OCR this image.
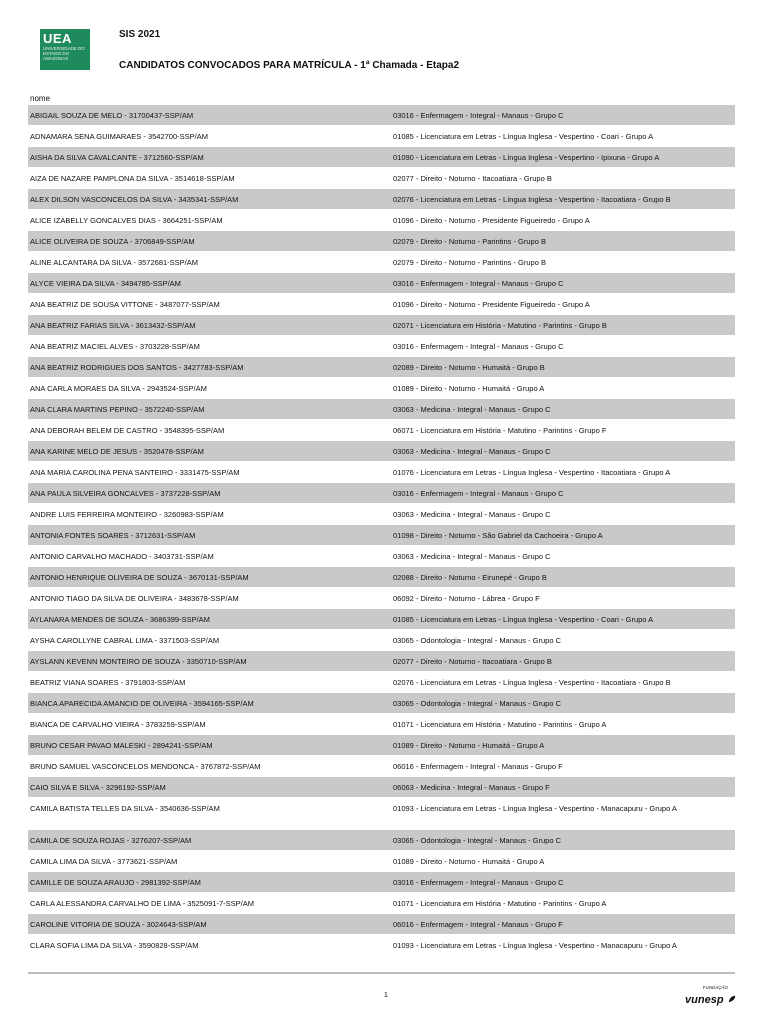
UEA
UNIVERSIDADE DO ESTADO DO AMAZONAS
SIS 2021
CANDIDATOS CONVOCADOS PARA MATRÍCULA - 1ª Chamada - Etapa2
nome
ABIGAIL SOUZA DE MELO - 31700437-SSP/AM	03016 - Enfermagem - Integral - Manaus - Grupo C
ADNAMARA SENA GUIMARAES - 3542700-SSP/AM	01085 - Licenciatura em Letras - Língua Inglesa - Vespertino - Coari - Grupo A
AISHA DA SILVA CAVALCANTE - 3712560-SSP/AM	01090 - Licenciatura em Letras - Língua Inglesa - Vespertino - Ipixuna - Grupo A
AIZA DE NAZARE PAMPLONA DA SILVA - 3514618-SSP/AM	02077 - Direito - Noturno - Itacoatiara - Grupo B
ALEX DILSON VASCONCELOS DA SILVA - 3435341-SSP/AM	02076 - Licenciatura em Letras - Língua Inglesa - Vespertino - Itacoatiara - Grupo B
ALICE IZABELLY GONCALVES DIAS - 3664251-SSP/AM	01096 - Direito - Noturno - Presidente Figueiredo - Grupo A
ALICE OLIVEIRA DE SOUZA - 3706849-SSP/AM	02079 - Direito - Noturno - Parintins - Grupo B
ALINE ALCANTARA DA SILVA - 3572681-SSP/AM	02079 - Direito - Noturno - Parintins - Grupo B
ALYCE VIEIRA DA SILVA - 3494785-SSP/AM	03016 - Enfermagem - Integral - Manaus - Grupo C
ANA BEATRIZ DE SOUSA VITTONE - 3487077-SSP/AM	01096 - Direito - Noturno - Presidente Figueiredo - Grupo A
ANA BEATRIZ FARIAS SILVA - 3613432-SSP/AM	02071 - Licenciatura em História - Matutino - Parintins - Grupo B
ANA BEATRIZ MACIEL ALVES - 3703228-SSP/AM	03016 - Enfermagem - Integral - Manaus - Grupo C
ANA BEATRIZ RODRIGUES DOS SANTOS - 3427783-SSP/AM	02089 - Direito - Noturno - Humaitá - Grupo B
ANA CARLA MORAES DA SILVA - 2943524-SSP/AM	01089 - Direito - Noturno - Humaitá - Grupo A
ANA CLARA MARTINS PEPINO - 3572240-SSP/AM	03063 - Medicina - Integral - Manaus - Grupo C
ANA DEBORAH BELEM DE CASTRO - 3548395-SSP/AM	06071 - Licenciatura em História - Matutino - Parintins - Grupo F
ANA KARINE MELO DE JESUS - 3520478-SSP/AM	03063 - Medicina - Integral - Manaus - Grupo C
ANA MARIA CAROLINA PENA SANTEIRO - 3331475-SSP/AM	01076 - Licenciatura em Letras - Língua Inglesa - Vespertino - Itacoatiara - Grupo A
ANA PAULA SILVEIRA GONCALVES - 3737228-SSP/AM	03016 - Enfermagem - Integral - Manaus - Grupo C
ANDRE LUIS FERREIRA MONTEIRO - 3260983-SSP/AM	03063 - Medicina - Integral - Manaus - Grupo C
ANTONIA FONTES SOARES - 3712631-SSP/AM	01098 - Direito - Noturno - São Gabriel da Cachoeira - Grupo A
ANTONIO CARVALHO MACHADO - 3403731-SSP/AM	03063 - Medicina - Integral - Manaus - Grupo C
ANTONIO HENRIQUE OLIVEIRA DE SOUZA - 3670131-SSP/AM	02088 - Direito - Noturno - Eirunepé - Grupo B
ANTONIO TIAGO DA SILVA DE OLIVEIRA - 3483678-SSP/AM	06092 - Direito - Noturno - Lábrea - Grupo F
AYLANARA MENDES DE SOUZA - 3686399-SSP/AM	01085 - Licenciatura em Letras - Língua Inglesa - Vespertino - Coari - Grupo A
AYSHA CAROLLYNE CABRAL LIMA - 3371503-SSP/AM	03065 - Odontologia - Integral - Manaus - Grupo C
AYSLANN KEVENN MONTEIRO DE SOUZA - 3350710-SSP/AM	02077 - Direito - Noturno - Itacoatiara - Grupo B
BEATRIZ VIANA SOARES - 3791803-SSP/AM	02076 - Licenciatura em Letras - Língua Inglesa - Vespertino - Itacoatiara - Grupo B
BIANCA APARECIDA AMANCIO DE OLIVEIRA - 3594165-SSP/AM	03065 - Odontologia - Integral - Manaus - Grupo C
BIANCA DE CARVALHO VIEIRA - 3783259-SSP/AM	01071 - Licenciatura em História - Matutino - Parintins - Grupo A
BRUNO CESAR PAVAO MALESKI - 2894241-SSP/AM	01089 - Direito - Noturno - Humaitá - Grupo A
BRUNO SAMUEL VASCONCELOS MENDONCA - 3767872-SSP/AM	06016 - Enfermagem - Integral - Manaus - Grupo F
CAIO SILVA E SILVA - 3296192-SSP/AM	06063 - Medicina - Integral - Manaus - Grupo F
CAMILA BATISTA TELLES DA SILVA - 3540636-SSP/AM	01093 - Licenciatura em Letras - Língua Inglesa - Vespertino - Manacapuru - Grupo A
CAMILA DE SOUZA ROJAS - 3276207-SSP/AM	03065 - Odontologia - Integral - Manaus - Grupo C
CAMILA LIMA DA SILVA - 3773621-SSP/AM	01089 - Direito - Noturno - Humaitá - Grupo A
CAMILLE DE SOUZA ARAUJO - 2981392-SSP/AM	03016 - Enfermagem - Integral - Manaus - Grupo C
CARLA ALESSANDRA CARVALHO DE LIMA - 3525091-7-SSP/AM	01071 - Licenciatura em História - Matutino - Parintins - Grupo A
CAROLINE VITORIA DE SOUZA - 3024643-SSP/AM	06016 - Enfermagem - Integral - Manaus - Grupo F
CLARA SOFIA LIMA DA SILVA - 3590828-SSP/AM	01093 - Licenciatura em Letras - Língua Inglesa - Vespertino - Manacapuru - Grupo A
1
FUNDAÇÃO
vunesp
